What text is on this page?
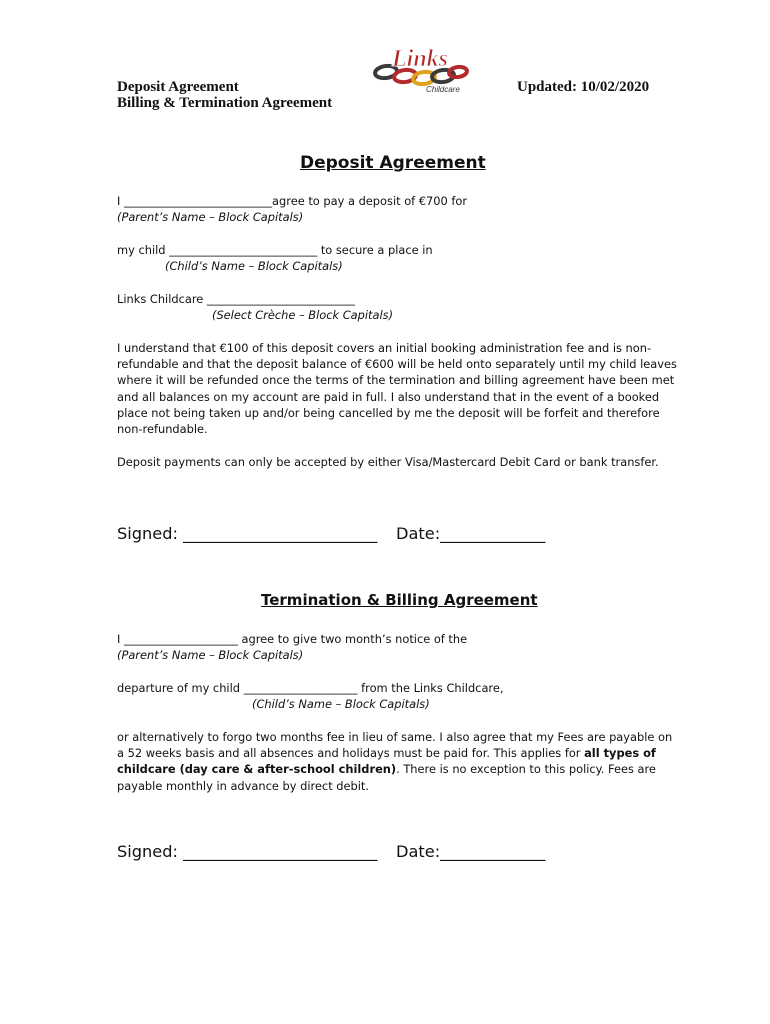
Deposit Agreement
Billing & Termination Agreement
Updated: 10/02/2020
Links
Childcare
Deposit Agreement
I __________________________agree to pay a deposit of €700 for
(Parent’s Name – Block Capitals)
my child __________________________ to secure a place in
(Child’s Name – Block Capitals)
Links Childcare __________________________
(Select Crèche – Block Capitals)
I understand that €100 of this deposit covers an initial booking administration fee and is non-refundable and that the deposit balance of €600 will be held onto separately until my child leaves where it will be refunded once the terms of the termination and billing agreement have been met and all balances on my account are paid in full. I also understand that in the event of a booked place not being taken up and/or being cancelled by me the deposit will be forfeit and therefore non-refundable.
Deposit payments can only be accepted by either Visa/Mastercard Debit Card or bank transfer.
Signed: ________________________ Date:_____________
Termination & Billing Agreement
I ____________________ agree to give two month’s notice of the
(Parent’s Name – Block Capitals)
departure of my child ____________________ from the Links Childcare,
(Child’s Name – Block Capitals)
or alternatively to forgo two months fee in lieu of same. I also agree that my Fees are payable on a 52 weeks basis and all absences and holidays must be paid for. This applies for all types of childcare (day care & after-school children). There is no exception to this policy. Fees are payable monthly in advance by direct debit.
Signed: ________________________ Date:_____________
